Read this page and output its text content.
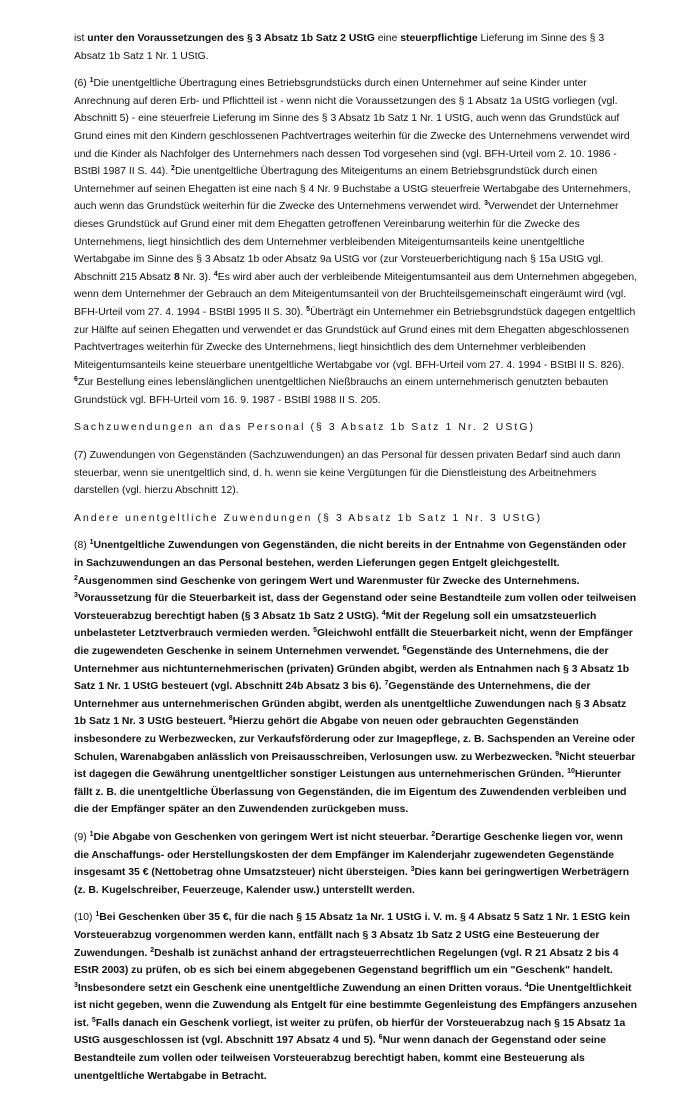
ist unter den Voraussetzungen des § 3 Absatz 1b Satz 2 UStG eine steuerpflichtige Lieferung im Sinne des § 3 Absatz 1b Satz 1 Nr. 1 UStG.

(6) $^1$Die unentgeltliche Übertragung eines Betriebsgrundstücks durch einen Unternehmer auf seine Kinder unter Anrechnung auf deren Erb- und Pflichtteil ist - wenn nicht die Voraussetzungen des § 1 Absatz 1a UStG vorliegen (vgl. Abschnitt 5) - eine steuerfreie Lieferung im Sinne des § 3 Absatz 1b Satz 1 Nr. 1 UStG, auch wenn das Grundstück auf Grund eines mit den Kindern geschlossenen Pachtvertrages weiterhin für die Zwecke des Unternehmens verwendet wird und die Kinder als Nachfolger des Unternehmers nach dessen Tod vorgesehen sind (vgl. BFH-Urteil vom 2. 10. 1986 - BStBl 1987 II S. 44). $^2$Die unentgeltliche Übertragung des Miteigentums an einem Betriebsgrundstück durch einen Unternehmer auf seinen Ehegatten ist eine nach § 4 Nr. 9 Buchstabe a UStG steuerfreie Wertabgabe des Unternehmers, auch wenn das Grundstück weiterhin für die Zwecke des Unternehmens verwendet wird. $^3$Verwendet der Unternehmer dieses Grundstück auf Grund einer mit dem Ehegatten getroffenen Vereinbarung weiterhin für die Zwecke des Unternehmens, liegt hinsichtlich des dem Unternehmer verbleibenden Miteigentumsanteils keine unentgeltliche Wertabgabe im Sinne des § 3 Absatz 1b oder Absatz 9a UStG vor (zur Vorsteuerberichtigung nach § 15a UStG vgl. Abschnitt 215 Absatz 8 Nr. 3). $^4$Es wird aber auch der verbleibende Miteigentumsanteil aus dem Unternehmen abgegeben, wenn dem Unternehmer der Gebrauch an dem Miteigentumsanteil von der Bruchteilsgemeinschaft eingeräumt wird (vgl. BFH-Urteil vom 27. 4. 1994 - BStBl 1995 II S. 30). $^5$Überträgt ein Unternehmer ein Betriebsgrundstück dagegen entgeltlich zur Hälfte auf seinen Ehegatten und verwendet er das Grundstück auf Grund eines mit dem Ehegatten abgeschlossenen Pachtvertrages weiterhin für Zwecke des Unternehmens, liegt hinsichtlich des dem Unternehmer verbleibenden Miteigentumsanteils keine steuerbare unentgeltliche Wertabgabe vor (vgl. BFH-Urteil vom 27. 4. 1994 - BStBl II S. 826). $^6$Zur Bestellung eines lebenslänglichen unentgeltlichen Nießbrauchs an einem unternehmerisch genutzten bebauten Grundstück vgl. BFH-Urteil vom 16. 9. 1987 - BStBl 1988 II S. 205.

Sachzuwendungen an das Personal (§ 3 Absatz 1b Satz 1 Nr. 2 UStG)

(7) Zuwendungen von Gegenständen (Sachzuwendungen) an das Personal für dessen privaten Bedarf sind auch dann steuerbar, wenn sie unentgeltlich sind, d. h. wenn sie keine Vergütungen für die Dienstleistung des Arbeitnehmers darstellen (vgl. hierzu Abschnitt 12).

Andere unentgeltliche Zuwendungen (§ 3 Absatz 1b Satz 1 Nr. 3 UStG)

(8) $^1$Unentgeltliche Zuwendungen von Gegenständen, die nicht bereits in der Entnahme von Gegenständen oder in Sachzuwendungen an das Personal bestehen, werden Lieferungen gegen Entgelt gleichgestellt. $^2$Ausgenommen sind Geschenke von geringem Wert und Warenmuster für Zwecke des Unternehmens. $^3$Voraussetzung für die Steuerbarkeit ist, dass der Gegenstand oder seine Bestandteile zum vollen oder teilweisen Vorsteuerabzug berechtigt haben (§ 3 Absatz 1b Satz 2 UStG). $^4$Mit der Regelung soll ein umsatzsteuerlich unbelasteter Letztverbrauch vermieden werden. $^5$Gleichwohl entfällt die Steuerbarkeit nicht, wenn der Empfänger die zugewendeten Geschenke in seinem Unternehmen verwendet. $^6$Gegenstände des Unternehmens, die der Unternehmer aus nichtunternehmerischen (privaten) Gründen abgibt, werden als Entnahmen nach § 3 Absatz 1b Satz 1 Nr. 1 UStG besteuert (vgl. Abschnitt 24b Absatz 3 bis 6). $^7$Gegenstände des Unternehmens, die der Unternehmer aus unternehmerischen Gründen abgibt, werden als unentgeltliche Zuwendungen nach § 3 Absatz 1b Satz 1 Nr. 3 UStG besteuert. $^8$Hierzu gehört die Abgabe von neuen oder gebrauchten Gegenständen insbesondere zu Werbezwecken, zur Verkaufsförderung oder zur Imagepflege, z. B. Sachspenden an Vereine oder Schulen, Warenabgaben anlässlich von Preisausschreiben, Verlosungen usw. zu Werbezwecken. $^9$Nicht steuerbar ist dagegen die Gewährung unentgeltlicher sonstiger Leistungen aus unternehmerischen Gründen. $^{10}$Hierunter fällt z. B. die unentgeltliche Überlassung von Gegenständen, die im Eigentum des Zuwendenden verbleiben und die der Empfänger später an den Zuwendenden zurückgeben muss.

(9) $^1$Die Abgabe von Geschenken von geringem Wert ist nicht steuerbar. $^2$Derartige Geschenke liegen vor, wenn die Anschaffungs- oder Herstellungskosten der dem Empfänger im Kalenderjahr zugewendeten Gegenstände insgesamt 35 € (Nettobetrag ohne Umsatzsteuer) nicht übersteigen. $^3$Dies kann bei geringwertigen Werbeträgern (z. B. Kugelschreiber, Feuerzeuge, Kalender usw.) unterstellt werden.

(10) $^1$Bei Geschenken über 35 €, für die nach § 15 Absatz 1a Nr. 1 UStG i. V. m. § 4 Absatz 5 Satz 1 Nr. 1 EStG kein Vorsteuerabzug vorgenommen werden kann, entfällt nach § 3 Absatz 1b Satz 2 UStG eine Besteuerung der Zuwendungen. $^2$Deshalb ist zunächst anhand der ertragsteuerrechtlichen Regelungen (vgl. R 21 Absatz 2 bis 4 EStR 2003) zu prüfen, ob es sich bei einem abgegebenen Gegenstand begrifflich um ein "Geschenk" handelt. $^3$Insbesondere setzt ein Geschenk eine unentgeltliche Zuwendung an einen Dritten voraus. $^4$Die Unentgeltlichkeit ist nicht gegeben, wenn die Zuwendung als Entgelt für eine bestimmte Gegenleistung des Empfängers anzusehen ist. $^5$Falls danach ein Geschenk vorliegt, ist weiter zu prüfen, ob hierfür der Vorsteuerabzug nach § 15 Absatz 1a UStG ausgeschlossen ist (vgl. Abschnitt 197 Absatz 4 und 5). $^6$Nur wenn danach der Gegenstand oder seine Bestandteile zum vollen oder teilweisen Vorsteuerabzug berechtigt haben, kommt eine Besteuerung als unentgeltliche Wertabgabe in Betracht.
